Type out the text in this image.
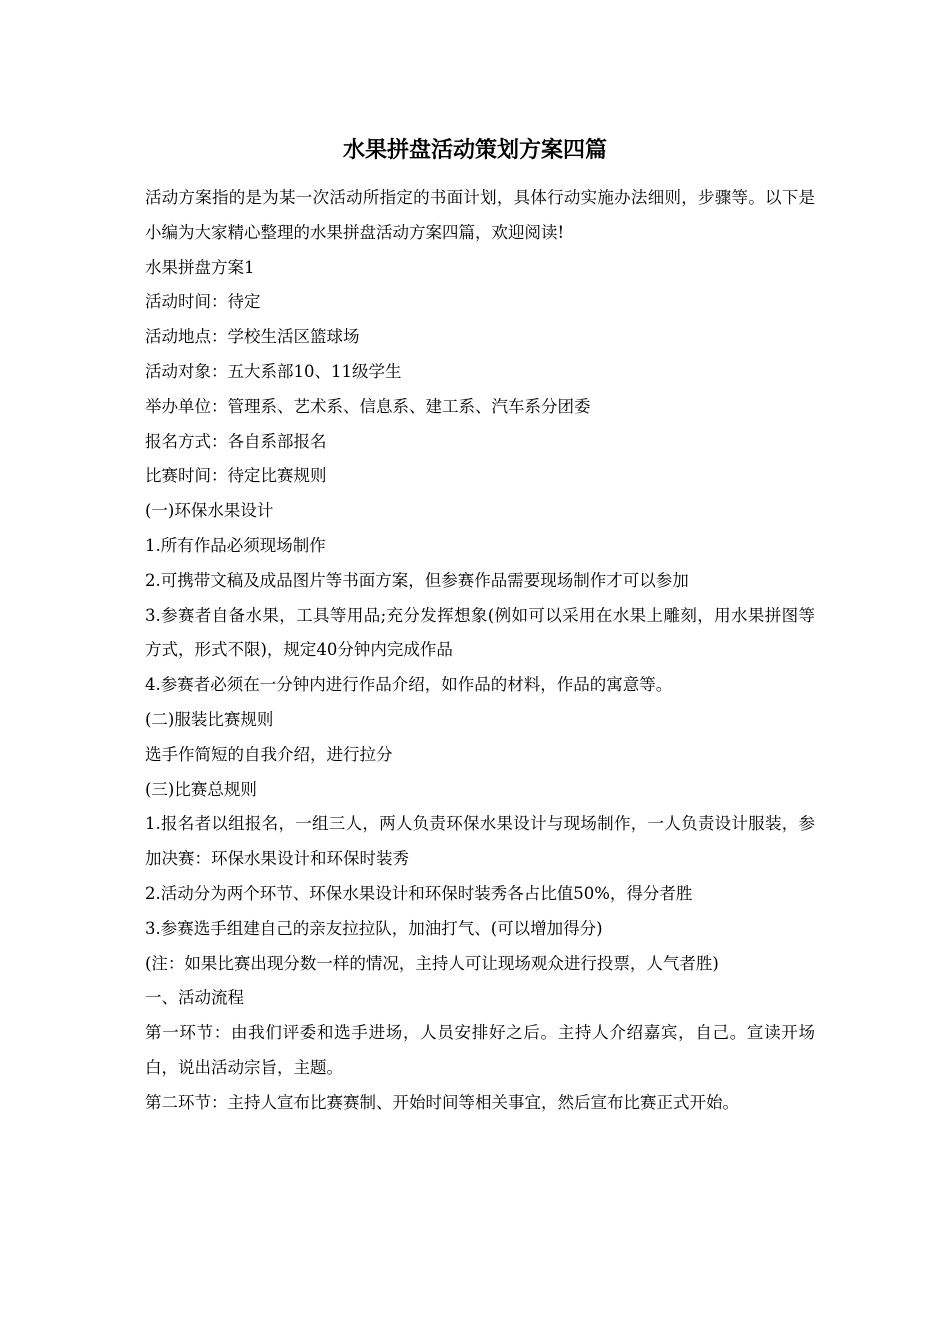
水果拼盘活动策划方案四篇

活动方案指的是为某一次活动所指定的书面计划，具体行动实施办法细则，步骤等。以下是小编为大家精心整理的水果拼盘活动方案四篇，欢迎阅读!

水果拼盘方案1

活动时间：待定

活动地点：学校生活区篮球场

活动对象：五大系部10、11级学生

举办单位：管理系、艺术系、信息系、建工系、汽车系分团委

报名方式：各自系部报名

比赛时间：待定比赛规则

(一)环保水果设计

1.所有作品必须现场制作

2.可携带文稿及成品图片等书面方案，但参赛作品需要现场制作才可以参加

3.参赛者自备水果，工具等用品;充分发挥想象(例如可以采用在水果上雕刻，用水果拼图等方式，形式不限)，规定40分钟内完成作品

4.参赛者必须在一分钟内进行作品介绍，如作品的材料，作品的寓意等。

(二)服装比赛规则

选手作简短的自我介绍，进行拉分

(三)比赛总规则

1.报名者以组报名，一组三人，两人负责环保水果设计与现场制作，一人负责设计服装，参加决赛：环保水果设计和环保时装秀

2.活动分为两个环节、环保水果设计和环保时装秀各占比值50%，得分者胜

3.参赛选手组建自己的亲友拉拉队，加油打气、(可以增加得分)

(注：如果比赛出现分数一样的情况，主持人可让现场观众进行投票，人气者胜)

一、活动流程

第一环节：由我们评委和选手进场，人员安排好之后。主持人介绍嘉宾，自己。宣读开场白，说出活动宗旨，主题。

第二环节：主持人宣布比赛赛制、开始时间等相关事宜，然后宣布比赛正式开始。
